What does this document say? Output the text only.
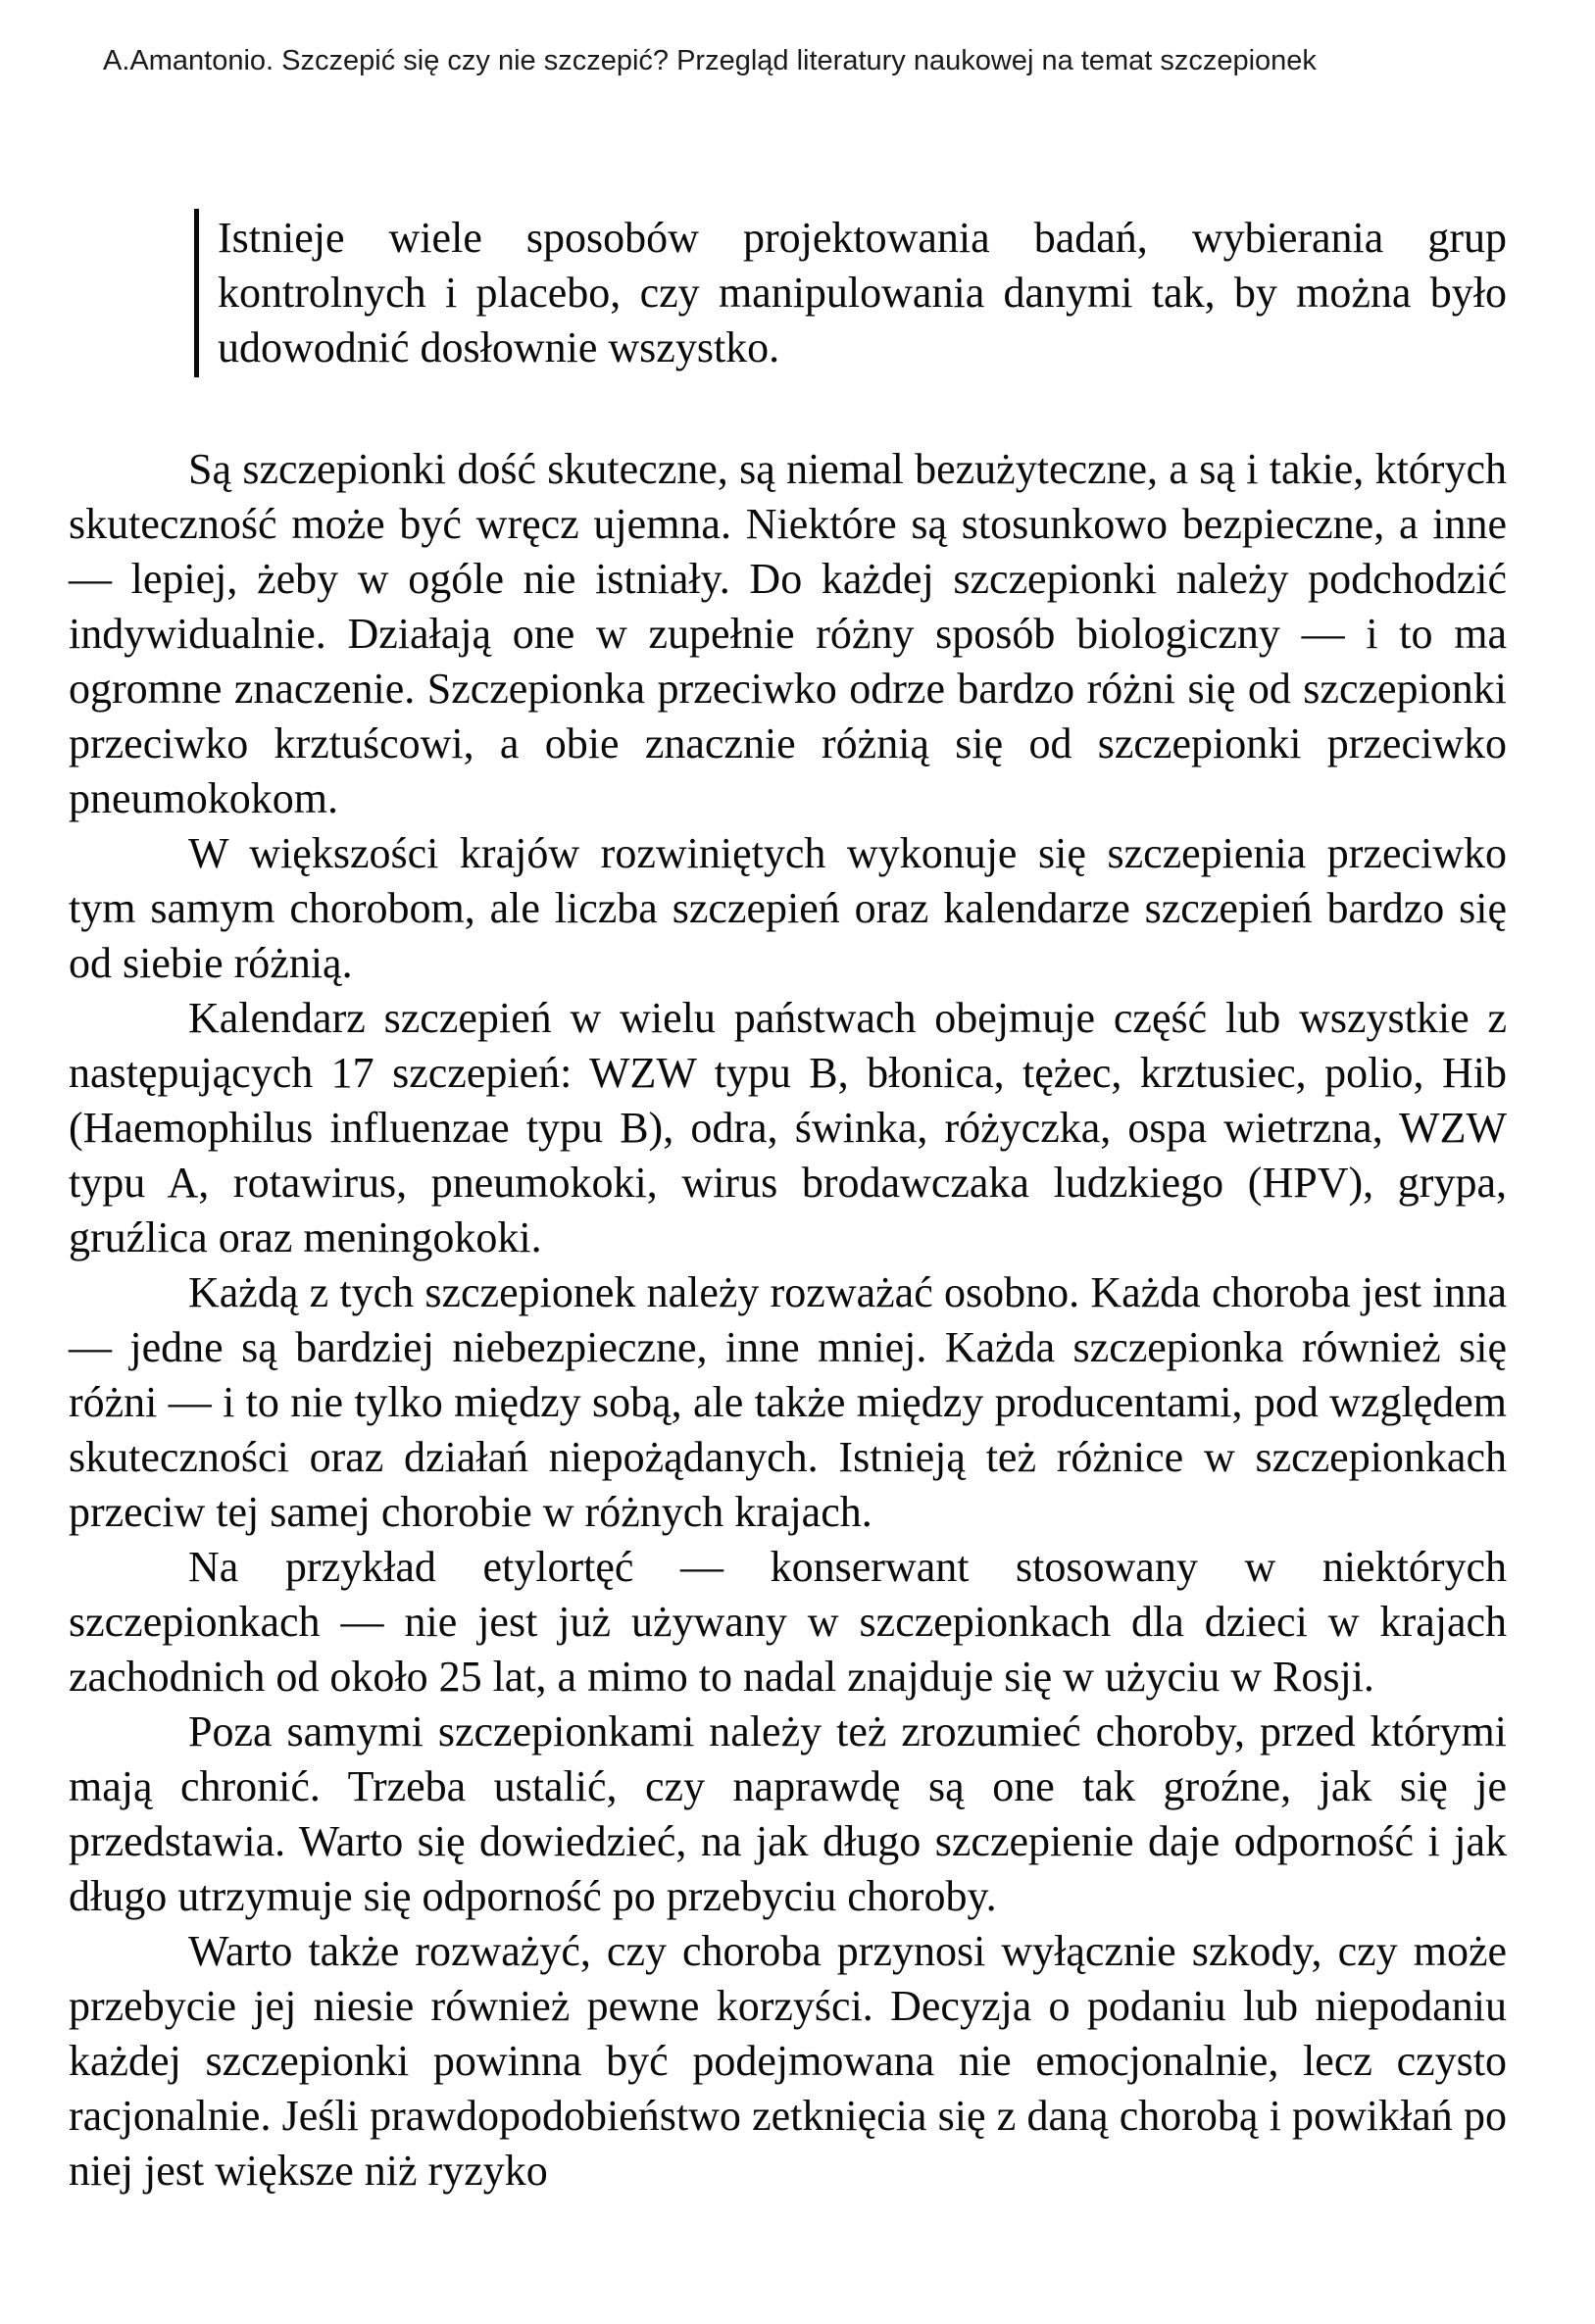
A.Amantonio. Szczepić się czy nie szczepić? Przegląd literatury naukowej na temat szczepionek
Istnieje wiele sposobów projektowania badań, wybierania grup kontrolnych i placebo, czy manipulowania danymi tak, by można było udowodnić dosłownie wszystko.

Są szczepionki dość skuteczne, są niemal bezużyteczne, a są i takie, których skuteczność może być wręcz ujemna. Niektóre są stosunkowo bezpieczne, a inne — lepiej, żeby w ogóle nie istniały. Do każdej szczepionki należy podchodzić indywidualnie. Działają one w zupełnie różny sposób biologiczny — i to ma ogromne znaczenie. Szczepionka przeciwko odrze bardzo różni się od szczepionki przeciwko krztuścowi, a obie znacznie różnią się od szczepionki przeciwko pneumokokom.

W większości krajów rozwiniętych wykonuje się szczepienia przeciwko tym samym chorobom, ale liczba szczepień oraz kalendarze szczepień bardzo się od siebie różnią.

Kalendarz szczepień w wielu państwach obejmuje część lub wszystkie z następujących 17 szczepień: WZW typu B, błonica, tężec, krztusiec, polio, Hib (Haemophilus influenzae typu B), odra, świnka, różyczka, ospa wietrzna, WZW typu A, rotawirus, pneumokoki, wirus brodawczaka ludzkiego (HPV), grypa, gruźlica oraz meningokoki.

Każdą z tych szczepionek należy rozważać osobno. Każda choroba jest inna — jedne są bardziej niebezpieczne, inne mniej. Każda szczepionka również się różni — i to nie tylko między sobą, ale także między producentami, pod względem skuteczności oraz działań niepożądanych. Istnieją też różnice w szczepionkach przeciw tej samej chorobie w różnych krajach.

Na przykład etylortęć — konserwant stosowany w niektórych szczepionkach — nie jest już używany w szczepionkach dla dzieci w krajach zachodnich od około 25 lat, a mimo to nadal znajduje się w użyciu w Rosji.

Poza samymi szczepionkami należy też zrozumieć choroby, przed którymi mają chronić. Trzeba ustalić, czy naprawdę są one tak groźne, jak się je przedstawia. Warto się dowiedzieć, na jak długo szczepienie daje odporność i jak długo utrzymuje się odporność po przebyciu choroby.

Warto także rozważyć, czy choroba przynosi wyłącznie szkody, czy może przebycie jej niesie również pewne korzyści. Decyzja o podaniu lub niepodaniu każdej szczepionki powinna być podejmowana nie emocjonalnie, lecz czysto racjonalnie. Jeśli prawdopodobieństwo zetknięcia się z daną chorobą i powikłań po niej jest większe niż ryzyko
